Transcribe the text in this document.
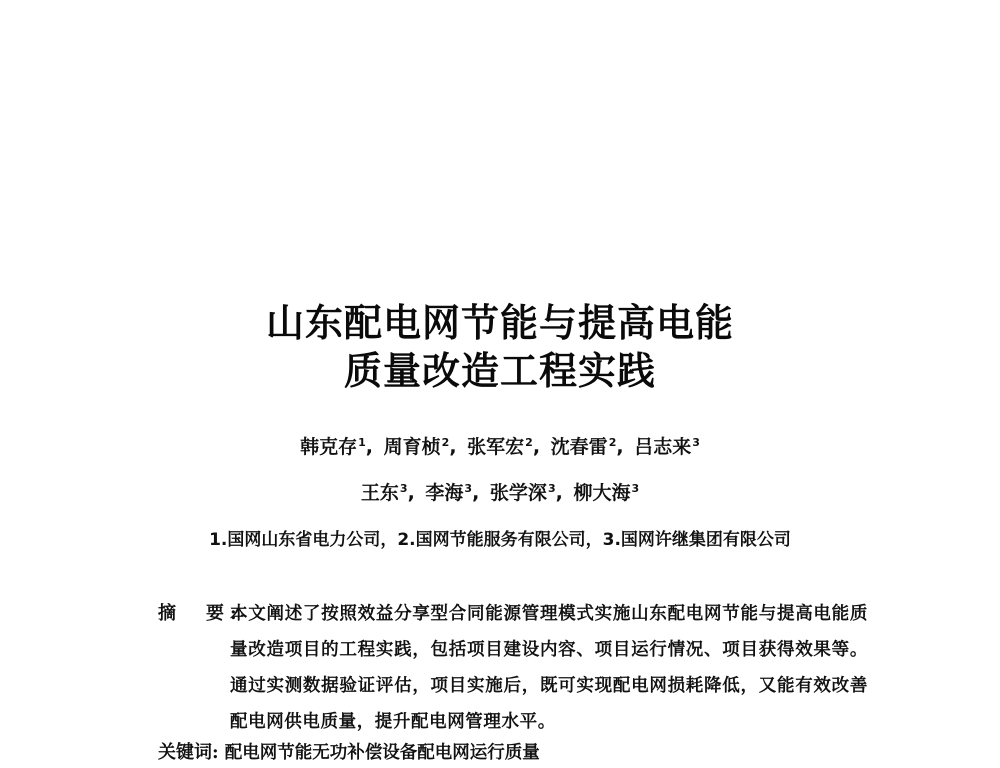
山东配电网节能与提高电能
质量改造工程实践
韩克存$^1$, 周育桢$^2$, 张军宏$^2$, 沈春雷$^2$, 吕志来$^3$
王东$^3$, 李海$^3$, 张学深$^3$, 柳大海$^3$
1.国网山东省电力公司，2.国网节能服务有限公司，3.国网许继集团有限公司
摘　要:
本文阐述了按照效益分享型合同能源管理模式实施山东配电网节能与提高电能质量改造项目的工程实践，包括项目建设内容、项目运行情况、项目获得效果等。通过实测数据验证评估，项目实施后，既可实现配电网损耗降低，又能有效改善配电网供电质量，提升配电网管理水平。
关键词: 配电网节能无功补偿设备配电网运行质量
